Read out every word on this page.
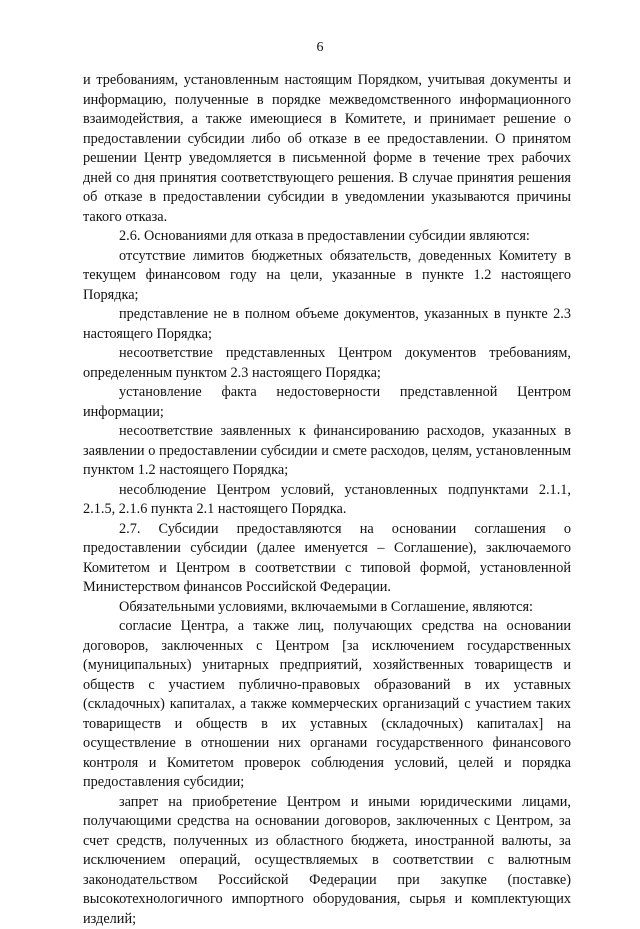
6

и требованиям, установленным настоящим Порядком, учитывая документы и информацию, полученные в порядке межведомственного информационного взаимодействия, а также имеющиеся в Комитете, и принимает решение о предоставлении субсидии либо об отказе в ее предоставлении. О принятом решении Центр уведомляется в письменной форме в течение трех рабочих дней со дня принятия соответствующего решения. В случае принятия решения об отказе в предоставлении субсидии в уведомлении указываются причины такого отказа.

2.6. Основаниями для отказа в предоставлении субсидии являются:

отсутствие лимитов бюджетных обязательств, доведенных Комитету в текущем финансовом году на цели, указанные в пункте 1.2 настоящего Порядка;

представление не в полном объеме документов, указанных в пункте 2.3 настоящего Порядка;

несоответствие представленных Центром документов требованиям, определенным пунктом 2.3 настоящего Порядка;

установление факта недостоверности представленной Центром информации;

несоответствие заявленных к финансированию расходов, указанных в заявлении о предоставлении субсидии и смете расходов, целям, установленным пунктом 1.2 настоящего Порядка;

несоблюдение Центром условий, установленных подпунктами 2.1.1, 2.1.5, 2.1.6 пункта 2.1 настоящего Порядка.

2.7. Субсидии предоставляются на основании соглашения о предоставлении субсидии (далее именуется – Соглашение), заключаемого Комитетом и Центром в соответствии с типовой формой, установленной Министерством финансов Российской Федерации.

Обязательными условиями, включаемыми в Соглашение, являются:

согласие Центра, а также лиц, получающих средства на основании договоров, заключенных с Центром [за исключением государственных (муниципальных) унитарных предприятий, хозяйственных товариществ и обществ с участием публично-правовых образований в их уставных (складочных) капиталах, а также коммерческих организаций с участием таких товариществ и обществ в их уставных (складочных) капиталах] на осуществление в отношении них органами государственного финансового контроля и Комитетом проверок соблюдения условий, целей и порядка предоставления субсидии;

запрет на приобретение Центром и иными юридическими лицами, получающими средства на основании договоров, заключенных с Центром, за счет средств, полученных из областного бюджета, иностранной валюты, за исключением операций, осуществляемых в соответствии с валютным законодательством Российской Федерации при закупке (поставке) высокотехнологичного импортного оборудования, сырья и комплектующих изделий;
